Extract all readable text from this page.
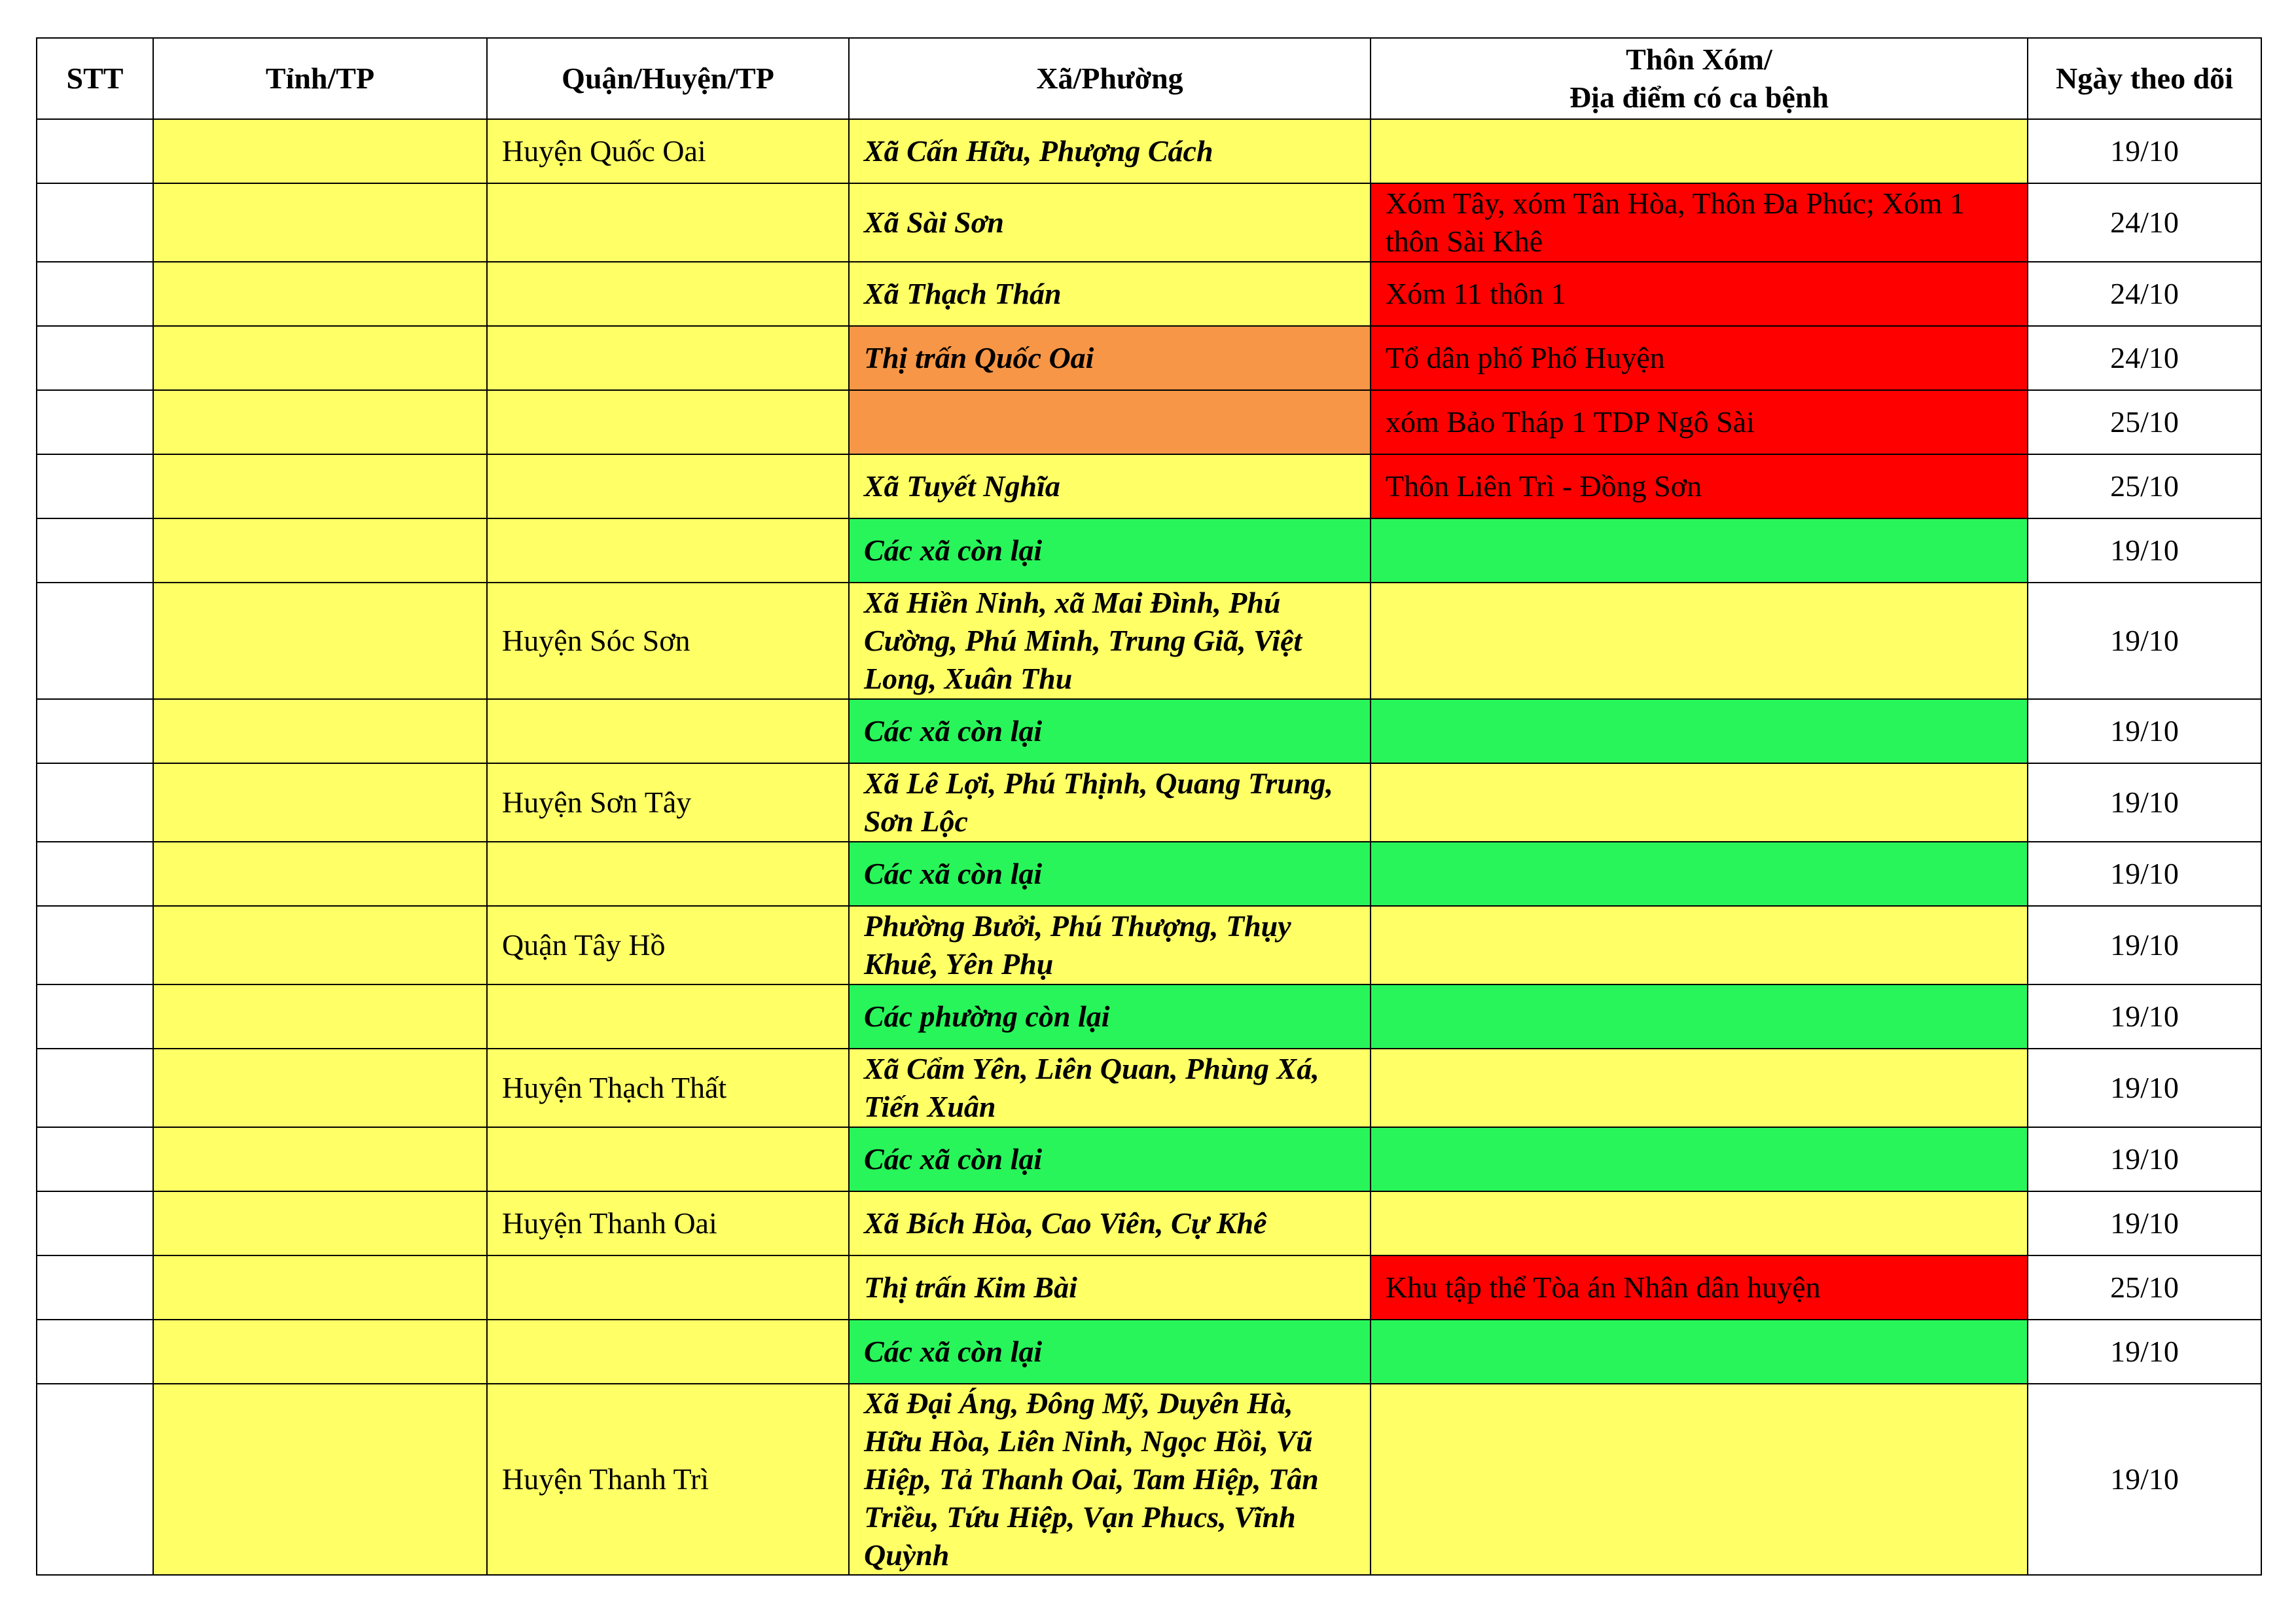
STT	Tỉnh/TP	Quận/Huyện/TP	Xã/Phường	Thôn Xóm/
Địa điểm có ca bệnh	Ngày theo dõi
		Huyện Quốc Oai	Xã Cấn Hữu, Phượng Cách		19/10
			Xã Sài Sơn	Xóm Tây, xóm Tân Hòa, Thôn Đa Phúc; Xóm 1 thôn Sài Khê	24/10
			Xã Thạch Thán	Xóm 11 thôn 1	24/10
			Thị trấn Quốc Oai	Tổ dân phố Phố Huyện	24/10
				xóm Bảo Tháp 1 TDP Ngô Sài	25/10
			Xã Tuyết Nghĩa	Thôn Liên Trì - Đồng Sơn	25/10
			Các xã còn lại		19/10
		Huyện Sóc Sơn	Xã Hiền Ninh, xã Mai Đình, Phú Cường, Phú Minh, Trung Giã, Việt Long, Xuân Thu		19/10
			Các xã còn lại		19/10
		Huyện Sơn Tây	Xã Lê Lợi, Phú Thịnh, Quang Trung, Sơn Lộc		19/10
			Các xã còn lại		19/10
		Quận Tây Hồ	Phường Bưởi, Phú Thượng, Thụy Khuê, Yên Phụ		19/10
			Các phường còn lại		19/10
		Huyện Thạch Thất	Xã Cẩm Yên, Liên Quan, Phùng Xá, Tiến Xuân		19/10
			Các xã còn lại		19/10
		Huyện Thanh Oai	Xã Bích Hòa, Cao Viên, Cự Khê		19/10
			Thị trấn Kim Bài	Khu tập thể Tòa án Nhân dân huyện	25/10
			Các xã còn lại		19/10
		Huyện Thanh Trì	Xã Đại Áng, Đông Mỹ, Duyên Hà, Hữu Hòa, Liên Ninh, Ngọc Hồi, Vũ Hiệp, Tả Thanh Oai, Tam Hiệp, Tân Triều, Tứu Hiệp, Vạn Phucs, Vĩnh Quỳnh		19/10
